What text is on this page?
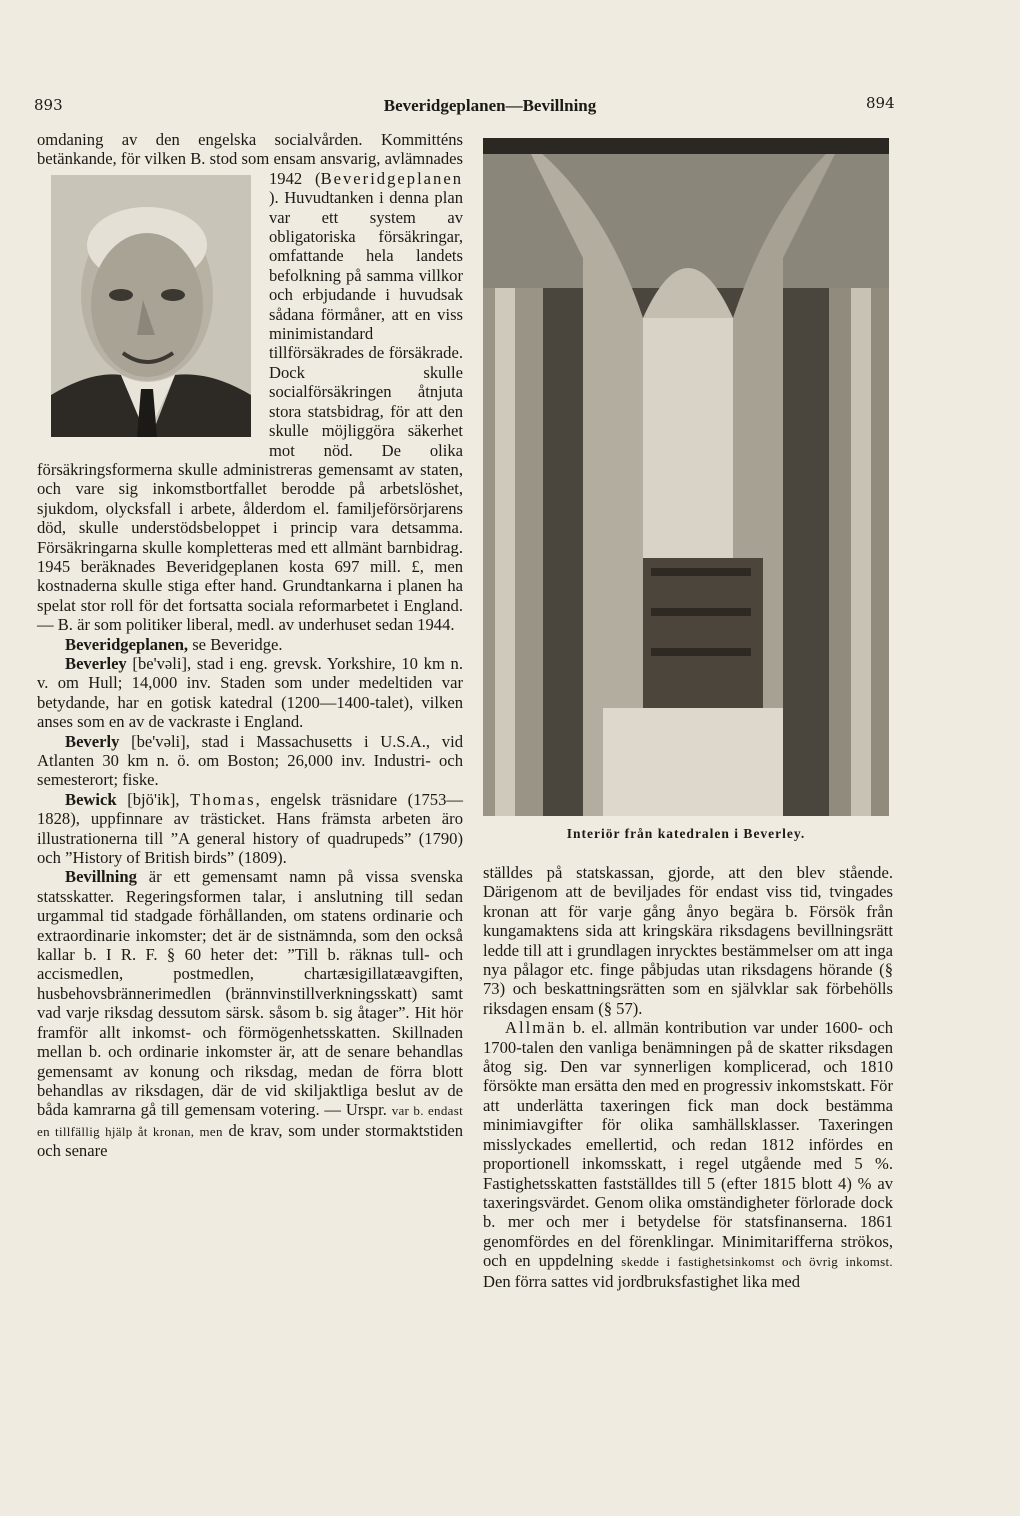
893	Beveridgeplanen—Bevillning	894

omdaning av den engelska socialvården. Kommitténs betänkande, för vilken B. stod som ensam ansvarig, avlämnades 1942 (Beveridgeplanen
). Huvudtanken i denna plan var ett system av obligatoriska försäkringar, omfattande hela landets befolkning på samma villkor och erbjudande i huvudsak sådana förmåner, att en viss minimistandard tillförsäkrades de försäkrade. Dock skulle socialförsäkringen åtnjuta stora statsbidrag, för att den skulle möjliggöra säkerhet mot nöd. De olika försäkringsformerna skulle administreras gemensamt av staten, och vare sig inkomstbortfallet berodde på arbetslöshet, sjukdom, olycksfall i arbete, ålderdom el. familjeförsörjarens död, skulle understödsbeloppet i princip vara detsamma. Försäkringarna skulle kompletteras med ett allmänt barnbidrag. 1945 beräknades Beveridgeplanen kosta 697 mill. £, men kostnaderna skulle stiga efter hand. Grundtankarna i planen ha spelat stor roll för det fortsatta sociala reformarbetet i England. — B. är som politiker liberal, medl. av underhuset sedan 1944.

Beveridgeplanen, se Beveridge.

Beverley [be'vəli], stad i eng. grevsk. Yorkshire, 10 km n. v. om Hull; 14,000 inv. Staden som under medeltiden var betydande, har en gotisk katedral (1200—1400-talet), vilken anses som en av de vackraste i England.

Beverly [be'vəli], stad i Massachusetts i U.S.A., vid Atlanten 30 km n. ö. om Boston; 26,000 inv. Industri- och semesterort; fiske.

Bewick [bjö'ik], Thomas, engelsk träsnidare (1753—1828), uppfinnare av trästicket. Hans främsta arbeten äro illustrationerna till ”A general history of quadrupeds” (1790) och ”History of British birds” (1809).

Bevillning är ett gemensamt namn på vissa svenska statsskatter. Regeringsformen talar, i anslutning till sedan urgammal tid stadgade förhållanden, om statens ordinarie och extraordinarie inkomster; det är de sistnämnda, som den också kallar b. I R. F. § 60 heter det: ”Till b. räknas tull- och accismedlen, postmedlen, chartæsigillatæavgiften, husbehovsbrännerimedlen (brännvinstillverkningsskatt) samt vad varje riksdag dessutom särsk. såsom b. sig åtager”. Hit hör framför allt inkomst- och förmögenhetsskatten. Skillnaden mellan b. och ordinarie inkomster är, att de senare behandlas gemensamt av konung och riksdag, medan de förra blott behandlas av riksdagen, där de vid skiljaktliga beslut av de båda kamrarna gå till gemensam votering. — Urspr. var b. endast en tillfällig hjälp åt kronan, men de krav, som under stormaktstiden och senare

Interiör från katedralen i Beverley.

ställdes på statskassan, gjorde, att den blev stående. Därigenom att de beviljades för endast viss tid, tvingades kronan att för varje gång ånyo begära b. Försök från kungamaktens sida att kringskära riksdagens bevillningsrätt ledde till att i grundlagen inrycktes bestämmelser om att inga nya pålagor etc. finge påbjudas utan riksdagens hörande (§ 73) och beskattningsrätten som en självklar sak förbehölls riksdagen ensam (§ 57).

Allmän b. el. allmän kontribution var under 1600- och 1700-talen den vanliga benämningen på de skatter riksdagen åtog sig. Den var synnerligen komplicerad, och 1810 försökte man ersätta den med en progressiv inkomstskatt. För att underlätta taxeringen fick man dock bestämma minimiavgifter för olika samhällsklasser. Taxeringen misslyckades emellertid, och redan 1812 infördes en proportionell inkomsskatt, i regel utgående med 5 %. Fastighetsskatten fastställdes till 5 (efter 1815 blott 4) % av taxeringsvärdet. Genom olika omständigheter förlorade dock b. mer och mer i betydelse för statsfinanserna. 1861 genomfördes en del förenklingar. Minimitarifferna strökos, och en uppdelning skedde i fastighetsinkomst och övrig inkomst. Den förra sattes vid jordbruksfastighet lika med
